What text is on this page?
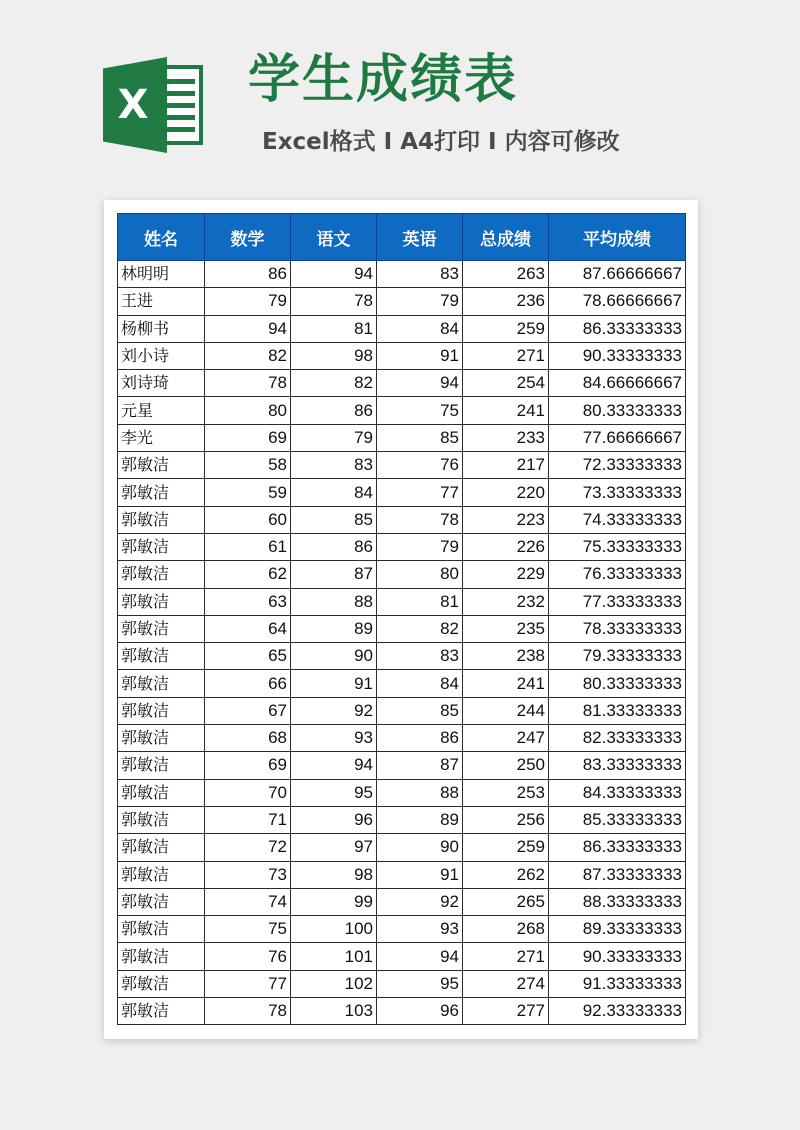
X 学生成绩表
Excel格式 I A4打印 I 内容可修改
姓名	数学	语文	英语	总成绩	平均成绩
林明明	86	94	83	263	87.66666667
王进	79	78	79	236	78.66666667
杨柳书	94	81	84	259	86.33333333
刘小诗	82	98	91	271	90.33333333
刘诗琦	78	82	94	254	84.66666667
元星	80	86	75	241	80.33333333
李光	69	79	85	233	77.66666667
郭敏洁	58	83	76	217	72.33333333
郭敏洁	59	84	77	220	73.33333333
郭敏洁	60	85	78	223	74.33333333
郭敏洁	61	86	79	226	75.33333333
郭敏洁	62	87	80	229	76.33333333
郭敏洁	63	88	81	232	77.33333333
郭敏洁	64	89	82	235	78.33333333
郭敏洁	65	90	83	238	79.33333333
郭敏洁	66	91	84	241	80.33333333
郭敏洁	67	92	85	244	81.33333333
郭敏洁	68	93	86	247	82.33333333
郭敏洁	69	94	87	250	83.33333333
郭敏洁	70	95	88	253	84.33333333
郭敏洁	71	96	89	256	85.33333333
郭敏洁	72	97	90	259	86.33333333
郭敏洁	73	98	91	262	87.33333333
郭敏洁	74	99	92	265	88.33333333
郭敏洁	75	100	93	268	89.33333333
郭敏洁	76	101	94	271	90.33333333
郭敏洁	77	102	95	274	91.33333333
郭敏洁	78	103	96	277	92.33333333
